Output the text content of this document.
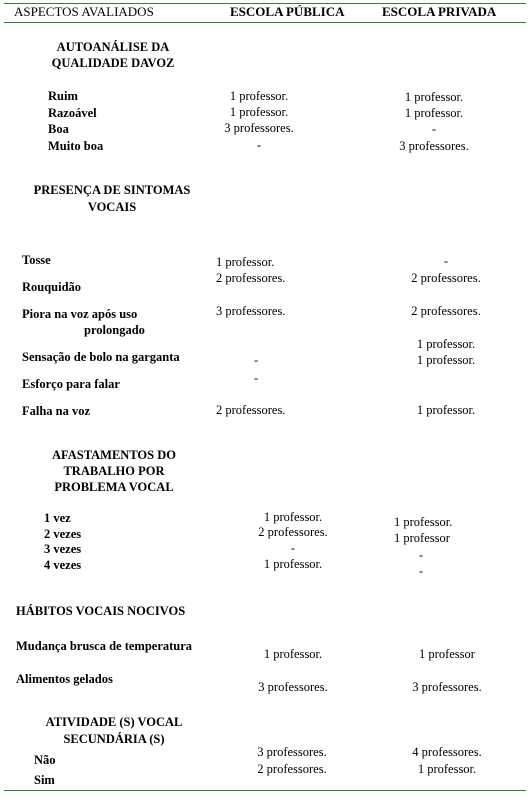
ASPECTOS AVALIADOS	ESCOLA PÚBLICA	ESCOLA PRIVADA
AUTOANÁLISE DA
QUALIDADE DAVOZ
Ruim
Razoável
Boa
Muito boa
1 professor.
1 professor.
3 professores.
-
1 professor.
1 professor.
-
3 professores.
PRESENÇA DE SINTOMAS
VOCAIS
Tosse
Rouquidão
Piora na voz após uso
prolongado
Sensação de bolo na garganta
Esforço para falar
Falha na voz
1 professor.
2 professores.
3 professores.
-
-
2 professores.
-
2 professores.
2 professores.
1 professor.
1 professor.
1 professor.
AFASTAMENTOS DO
TRABALHO POR
PROBLEMA VOCAL
1 vez
2 vezes
3 vezes
4 vezes
1 professor.
2 professores.
-
1 professor.
1 professor.
1 professor
-
-
HÁBITOS VOCAIS NOCIVOS
Mudança brusca de temperatura
Alimentos gelados
1 professor.
3 professores.
1 professor
3 professores.
ATIVIDADE (S) VOCAL
SECUNDÁRIA (S)
Não
Sim
3 professores.
2 professores.
4 professores.
1 professor.
